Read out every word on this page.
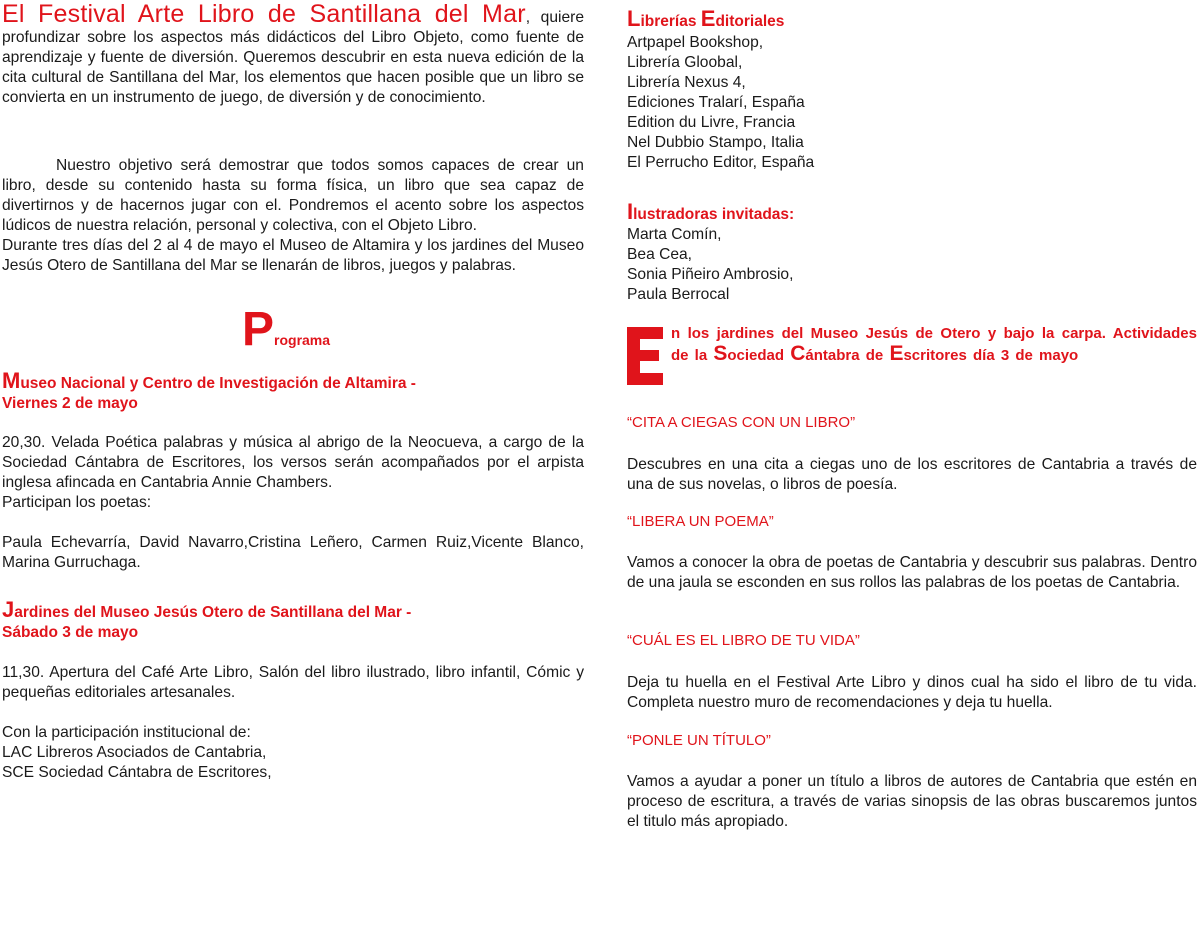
El Festival Arte Libro de Santillana del Mar, quiere profundizar sobre los aspectos más didácticos del Libro Objeto, como fuente de aprendizaje y fuente de diversión. Queremos descubrir en esta nueva edición de la cita cultural de Santillana del Mar, los elementos que hacen posible que un libro se convierta en un instrumento de juego, de diversión y de conocimiento.

Nuestro objetivo será demostrar que todos somos capaces de crear un libro, desde su contenido hasta su forma física, un libro que sea capaz de divertirnos y de hacernos jugar con el. Pondremos el acento sobre los aspectos lúdicos de nuestra relación, personal y colectiva, con el Objeto Libro.

Durante tres días del 2 al 4 de mayo el Museo de Altamira y los jardines del Museo Jesús Otero de Santillana del Mar se llenarán de libros, juegos y palabras.

Programa

Museo Nacional y Centro de Investigación de Altamira -

Viernes 2 de mayo

20,30. Velada Poética palabras y música al abrigo de la Neocueva, a cargo de la Sociedad Cántabra de Escritores, los versos serán acompañados por el arpista inglesa afincada en Cantabria Annie Chambers.

Participan los poetas:

Paula Echevarría, David Navarro,Cristina Leñero, Carmen Ruiz,Vicente Blanco, Marina Gurruchaga.

Jardines del Museo Jesús Otero de Santillana del Mar -

Sábado 3 de mayo

11,30. Apertura del Café Arte Libro, Salón del libro ilustrado, libro infantil, Cómic y pequeñas editoriales artesanales.

Con la participación institucional de:

LAC Libreros Asociados de Cantabria,
SCE Sociedad Cántabra de Escritores,

Librerías Editoriales

Artpapel Bookshop,
Librería Gloobal,
Librería Nexus 4,
Ediciones Tralarí, España
Edition du Livre, Francia
Nel Dubbio Stampo, Italia
El Perrucho Editor, España

Ilustradoras invitadas:

Marta Comín,
Bea Cea,
Sonia Piñeiro Ambrosio,
Paula Berrocal

n los jardines del Museo Jesús de Otero y bajo la carpa. Actividades de la Sociedad Cántabra de Escritores día 3 de mayo

“CITA A CIEGAS CON UN LIBRO”

Descubres en una cita a ciegas uno de los escritores de Cantabria a través de una de sus novelas, o libros de poesía.

“LIBERA UN POEMA”

Vamos a conocer la obra de poetas de Cantabria y descubrir sus palabras. Dentro de una jaula se esconden en sus rollos las palabras de los poetas de Cantabria.

“CUÁL ES EL LIBRO DE TU VIDA”

Deja tu huella en el Festival Arte Libro y dinos cual ha sido el libro de tu vida. Completa nuestro muro de recomendaciones y deja tu huella.

“PONLE UN TÍTULO”

Vamos a ayudar a poner un título a libros de autores de Cantabria que estén en proceso de escritura, a través de varias sinopsis de las obras buscaremos juntos el titulo más apropiado.
